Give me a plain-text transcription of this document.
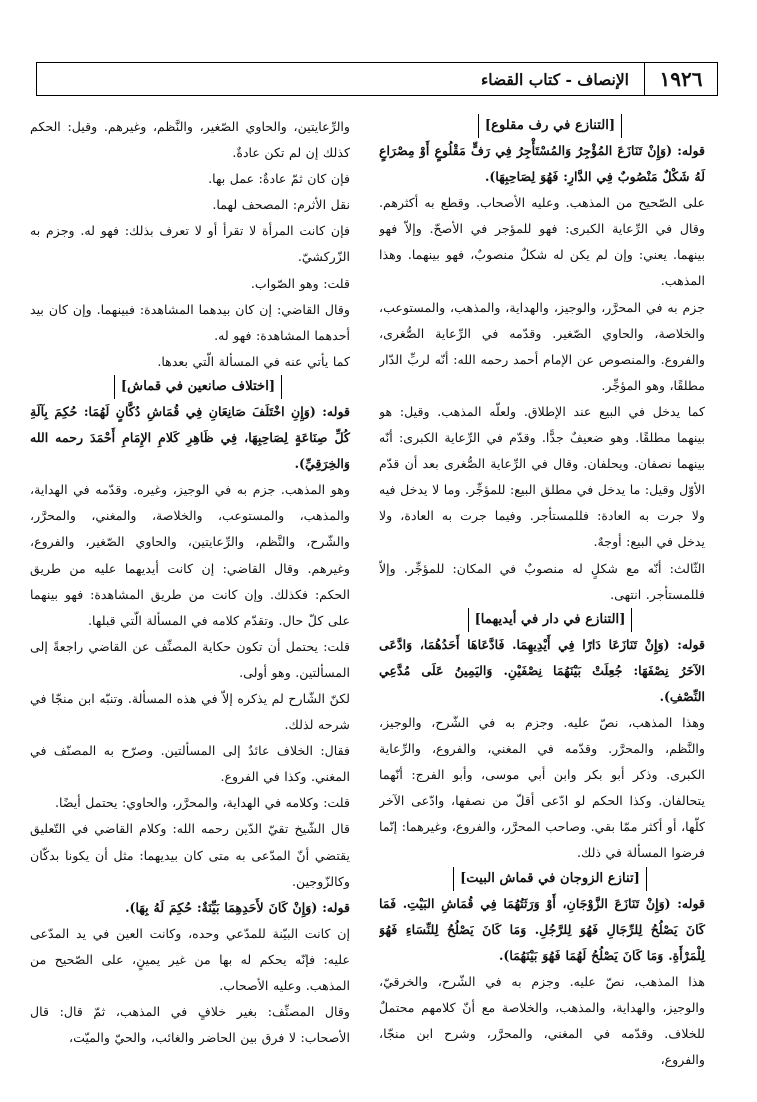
١٩٢٦
الإنصاف - كتاب القضاء
[التنازع في رف مقلوع]

قوله: (وَإِنْ تَنَازَعَ المُؤْجِرُ وَالمُسْتَأْجِرُ فِي رَفٍّ مَقْلُوعٍ أَوْ مِصْرَاعٍ لَهُ شَكْلٌ مَنْصُوبٌ فِي الدَّارِ: فَهُوَ لِصَاحِبِهَا).

على الصّحيح من المذهب. وعليه الأصحاب. وقطع به أكثرهم. وقال في الرِّعاية الكبرى: فهو للمؤجر في الأصحّ. وإلاّ فهو بينهما. يعني: وإن لم يكن له شكلٌ منصوبٌ، فهو بينهما. وهذا المذهب.

جزم به في المحرَّر، والوجيز، والهداية، والمذهب، والمستوعب، والخلاصة، والحاوي الصّغير. وقدّمه في الرِّعاية الصُّغرى، والفروع. والمنصوص عن الإمام أحمد رحمه الله: أنّه لربِّ الدّار مطلقًا، وهو المؤجِّر.

كما يدخل في البيع عند الإطلاق. ولعلّه المذهب. وقيل: هو بينهما مطلقًا. وهو ضعيفٌ جدًّا. وقدّم في الرِّعاية الكبرى: أنّه بينهما نصفان. ويحلفان. وقال في الرِّعاية الصُّغرى بعد أن قدّم الأوّل وقيل: ما يدخل في مطلق البيع: للمؤجِّر. وما لا يدخل فيه ولا جرت به العادة: فللمستأجر. وفيما جرت به العادة، ولا يدخل في البيع: أوجهٌ.

الثّالث: أنّه مع شكلٍ له منصوبٌ في المكان: للمؤجِّر. وإلاّ فللمستأجر. انتهى.

[التنازع في دار في أيديهما]

قوله: (وَإِنْ تَنَازَعَا دَارًا فِي أَيْدِيهِمَا. فَادَّعَاهَا أَحَدُهُمَا، وَادَّعَى الآخَرُ نِصْفَهَا: جُعِلَتْ بَيْنَهُمَا نِصْفَيْنِ. وَاليَمِينُ عَلَى مُدَّعِي النِّصْفِ).

وهذا المذهب، نصّ عليه. وجزم به في الشّرح، والوجيز، والنَّظم، والمحرَّر. وقدّمه في المغني، والفروع، والرِّعاية الكبرى. وذكر أبو بكر وابن أبي موسى، وأبو الفرج: أنّهما يتحالفان. وكذا الحكم لو ادّعى أقلّ من نصفها، وادّعى الآخر كلّها، أو أكثر ممّا بقي. وصاحب المحرَّر، والفروع، وغيرهما: إنّما فرضوا المسألة في ذلك.

[تنازع الزوجان في قماش البيت]

قوله: (وَإِنْ تَنَازَعَ الزَّوْجَانِ، أَوْ وَرَثَتُهُمَا فِي قُمَاشِ البَيْتِ. فَمَا كَانَ يَصْلُحُ لِلرِّجَالِ فَهُوَ لِلرَّجُلِ. وَمَا كَانَ يَصْلُحُ لِلنِّسَاءِ فَهُوَ لِلْمَرْأَةِ. وَمَا كَانَ يَصْلُحُ لَهُمَا فَهُوَ بَيْنَهُمَا).

هذا المذهب، نصّ عليه. وجزم به في الشّرح، والخرقيّ، والوجيز، والهداية، والمذهب، والخلاصة مع أنّ كلامهم محتملٌ للخلاف. وقدّمه في المغني، والمحرَّر، وشرح ابن منجّا، والفروع،

والرِّعايتين، والحاوي الصّغير، والنَّظم، وغيرهم. وقيل: الحكم كذلك إن لم تكن عادةٌ.

فإن كان ثمّ عادةٌ: عمل بها.

نقل الأثرم: المصحف لهما.

فإن كانت المرأة لا تقرأ أو لا تعرف بذلك: فهو له. وجزم به الزّركشيّ.

قلت: وهو الصّواب.

وقال القاضي: إن كان بيدهما المشاهدة: فبينهما. وإن كان بيد أحدهما المشاهدة: فهو له.

كما يأتي عنه في المسألة الّتي بعدها.

[اختلاف صانعين في قماش]

قوله: (وَإِنِ اخْتَلَفَ صَانِعَانِ فِي قُمَاشِ دُكَّانٍ لَهُمَا: حُكِمَ بِآلَةِ كُلِّ صِنَاعَةٍ لِصَاحِبِهَا، فِي ظَاهِرِ كَلامِ الإِمَامِ أَحْمَدَ رحمه الله وَالخِرَقِيِّ).

وهو المذهب. جزم به في الوجيز، وغيره. وقدّمه في الهداية، والمذهب، والمستوعب، والخلاصة، والمغني، والمحرَّر، والشّرح، والنَّظم، والرِّعايتين، والحاوي الصّغير، والفروع، وغيرهم. وقال القاضي: إن كانت أيديهما عليه من طريق الحكم: فكذلك. وإن كانت من طريق المشاهدة: فهو بينهما على كلّ حال. وتقدّم كلامه في المسألة الّتي قبلها.

قلت: يحتمل أن تكون حكاية المصنِّف عن القاضي راجعةً إلى المسألتين. وهو أولى.

لكنّ الشّارح لم يذكره إلاّ في هذه المسألة. وتنبّه ابن منجّا في شرحه لذلك.

فقال: الخلاف عائدٌ إلى المسألتين. وصرّح به المصنّف في المغني. وكذا في الفروع.

قلت: وكلامه في الهداية، والمحرَّر، والحاوي: يحتمل أيضًا.

قال الشّيخ تقيّ الدّين رحمه الله: وكلام القاضي في التّعليق يقتضي أنّ المدّعى به متى كان بيديهما: مثل أن يكونا بدكّان وكالزّوجين.

قوله: (وَإِنْ كَانَ لأَحَدِهِمَا بَيِّنَةٌ: حُكِمَ لَهُ بِهَا).

إن كانت البيّنة للمدّعي وحده، وكانت العين في يد المدّعى عليه: فإنّه يحكم له بها من غير يمينٍ، على الصّحيح من المذهب. وعليه الأصحاب.

وقال المصنِّف: بغير خلافٍ في المذهب، ثمّ قال: قال الأصحاب: لا فرق بين الحاضر والغائب، والحيّ والميّت،
